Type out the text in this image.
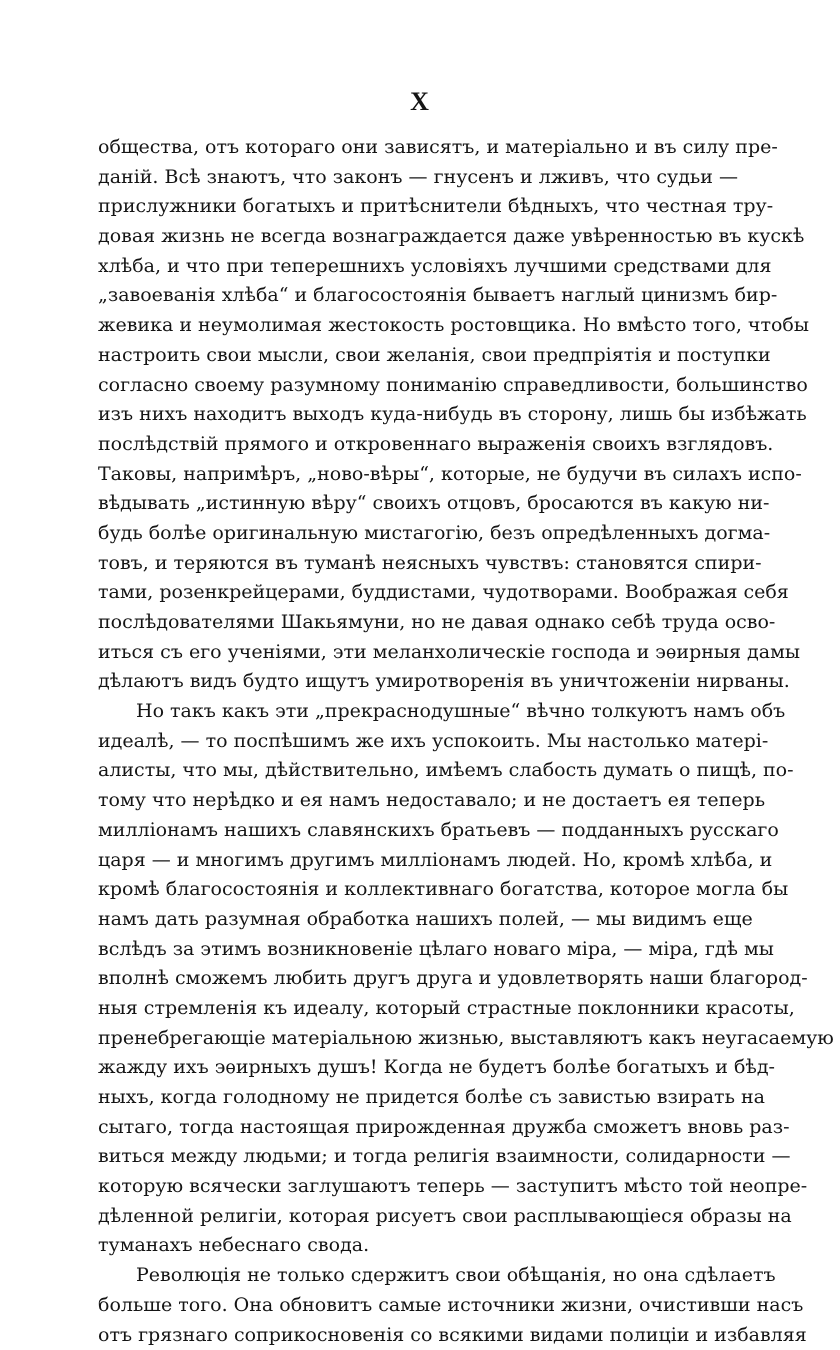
X
общества, отъ котораго они зависятъ, и матеріально и въ силу пре-
даній. Всѣ знаютъ, что законъ — гнусенъ и лживъ, что судьи —
прислужники богатыхъ и притѣснители бѣдныхъ, что честная тру-
довая жизнь не всегда вознаграждается даже увѣренностью въ кускѣ
хлѣба, и что при теперешнихъ условіяхъ лучшими средствами для
„завоеванія хлѣба“ и благосостоянія бываетъ наглый цинизмъ бир-
жевика и неумолимая жестокость ростовщика. Но вмѣсто того, чтобы
настроить свои мысли, свои желанія, свои предпріятія и поступки
согласно своему разумному пониманію справедливости, большинство
изъ нихъ находитъ выходъ куда-нибудь въ сторону, лишь бы избѣжать
послѣдствій прямого и откровеннаго выраженія своихъ взглядовъ.
Таковы, напримѣръ, „ново-вѣры“, которые, не будучи въ силахъ испо-
вѣдывать „истинную вѣру“ своихъ отцовъ, бросаются въ какую ни-
будь болѣе оригинальную мистагогію, безъ опредѣленныхъ догма-
товъ, и теряются въ туманѣ неясныхъ чувствъ: становятся спири-
тами, розенкрейцерами, буддистами, чудотворами. Воображая себя
послѣдователями Шакьямуни, но не давая однако себѣ труда осво-
иться съ его ученіями, эти меланхолическіе господа и эѳирныя дамы
дѣлаютъ видъ будто ищутъ умиротворенія въ уничтоженіи нирваны.
Но такъ какъ эти „прекраснодушные“ вѣчно толкуютъ намъ объ
идеалѣ, — то поспѣшимъ же ихъ успокоить. Мы настолько матері-
алисты, что мы, дѣйствительно, имѣемъ слабость думать о пищѣ, по-
тому что нерѣдко и ея намъ недоставало; и не достаетъ ея теперь
милліонамъ нашихъ славянскихъ братьевъ — подданныхъ русскаго
царя — и многимъ другимъ милліонамъ людей. Но, кромѣ хлѣба, и
кромѣ благосостоянія и коллективнаго богатства, которое могла бы
намъ дать разумная обработка нашихъ полей, — мы видимъ еще
вслѣдъ за этимъ возникновеніе цѣлаго новаго міра, — міра, гдѣ мы
вполнѣ сможемъ любить другъ друга и удовлетворять наши благород-
ныя стремленія къ идеалу, который страстные поклонники красоты,
пренебрегающіе матеріальною жизнью, выставляютъ какъ неугасаемую
жажду ихъ эѳирныхъ душъ! Когда не будетъ болѣе богатыхъ и бѣд-
ныхъ, когда голодному не придется болѣе съ завистью взирать на
сытаго, тогда настоящая прирожденная дружба сможетъ вновь раз-
виться между людьми; и тогда религія взаимности, солидарности —
которую всячески заглушаютъ теперь — заступитъ мѣсто той неопре-
дѣленной религіи, которая рисуетъ свои расплывающіеся образы на
туманахъ небеснаго свода.
Революція не только сдержитъ свои обѣщанія, но она сдѣлаетъ
больше того. Она обновитъ самые источники жизни, очистивши насъ
отъ грязнаго соприкосновенія со всякими видами полиціи и избавляя
